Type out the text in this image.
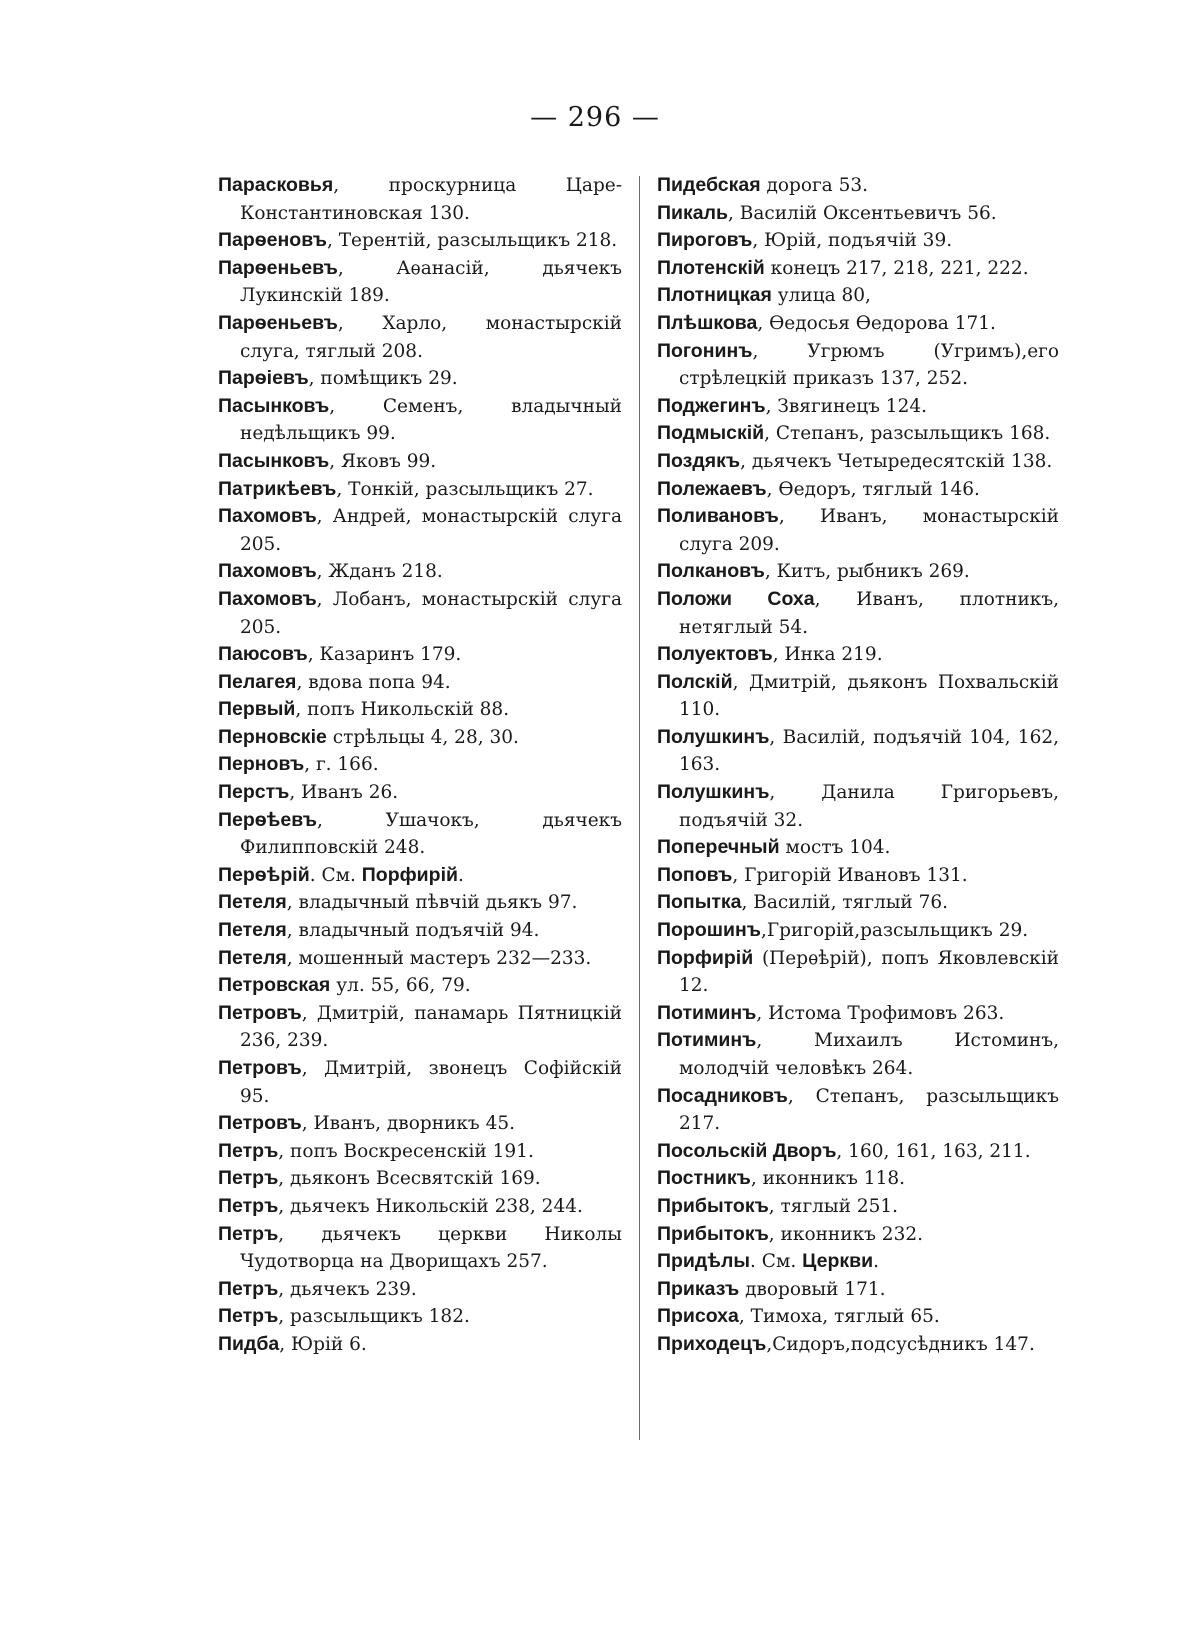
— 296 —
Парасковья, проскурница Царе-Константиновская 130.
Парѳеновъ, Терентій, разсыльщикъ 218.
Парѳеньевъ, Аѳанасій, дьячекъ Лукинскій 189.
Парѳеньевъ, Харло, монастырскій слуга, тяглый 208.
Парѳіевъ, помѣщикъ 29.
Пасынковъ, Семенъ, владычный недѣльщикъ 99.
Пасынковъ, Яковъ 99.
Патрикѣевъ, Тонкій, разсыльщикъ 27.
Пахомовъ, Андрей, монастырскій слуга 205.
Пахомовъ, Жданъ 218.
Пахомовъ, Лобанъ, монастырскій слуга 205.
Паюсовъ, Казаринъ 179.
Пелагея, вдова попа 94.
Первый, попъ Никольскій 88.
Перновскіе стрѣльцы 4, 28, 30.
Перновъ, г. 166.
Перстъ, Иванъ 26.
Перѳѣевъ, Ушачокъ, дьячекъ Филипповскій 248.
Перѳѣрій. См. Порфирій.
Петеля, владычный пѣвчій дьякъ 97.
Петеля, владычный подъячій 94.
Петеля, мошенный мастеръ 232—233.
Петровская ул. 55, 66, 79.
Петровъ, Дмитрій, панамарь Пятницкій 236, 239.
Петровъ, Дмитрій, звонецъ Софійскій 95.
Петровъ, Иванъ, дворникъ 45.
Петръ, попъ Воскресенскій 191.
Петръ, дьяконъ Всесвятскій 169.
Петръ, дьячекъ Никольскій 238, 244.
Петръ, дьячекъ церкви Николы Чудотворца на Дворищахъ 257.
Петръ, дьячекъ 239.
Петръ, разсыльщикъ 182.
Пидба, Юрій 6.
Пидебская дорога 53.
Пикаль, Василій Оксентьевичъ 56.
Пироговъ, Юрій, подъячій 39.
Плотенскій конецъ 217, 218, 221, 222.
Плотницкая улица 80,
Плѣшкова, Ѳедосья Ѳедорова 171.
Погонинъ, Угрюмъ (Угримъ),его стрѣлецкій приказъ 137, 252.
Поджегинъ, Звягинецъ 124.
Подмыскій, Степанъ, разсыльщикъ 168.
Поздякъ, дьячекъ Четыредесятскій 138.
Полежаевъ, Ѳедоръ, тяглый 146.
Поливановъ, Иванъ, монастырскій слуга 209.
Полкановъ, Китъ, рыбникъ 269.
Положи Соха, Иванъ, плотникъ, нетяглый 54.
Полуектовъ, Инка 219.
Полскій, Дмитрій, дьяконъ Похвальскій 110.
Полушкинъ, Василій, подъячій 104, 162, 163.
Полушкинъ, Данила Григорьевъ, подъячій 32.
Поперечный мостъ 104.
Поповъ, Григорій Ивановъ 131.
Попытка, Василій, тяглый 76.
Порошинъ,Григорій,разсыльщикъ 29.
Порфирій (Перѳѣрій), попъ Яковлевскій 12.
Потиминъ, Истома Трофимовъ 263.
Потиминъ, Михаилъ Истоминъ, молодчій человѣкъ 264.
Посадниковъ, Степанъ, разсыльщикъ 217.
Посольскій Дворъ, 160, 161, 163, 211.
Постникъ, иконникъ 118.
Прибытокъ, тяглый 251.
Прибытокъ, иконникъ 232.
Придѣлы. См. Церкви.
Приказъ дворовый 171.
Присоха, Тимоха, тяглый 65.
Приходецъ,Сидоръ,подсусѣдникъ 147.
